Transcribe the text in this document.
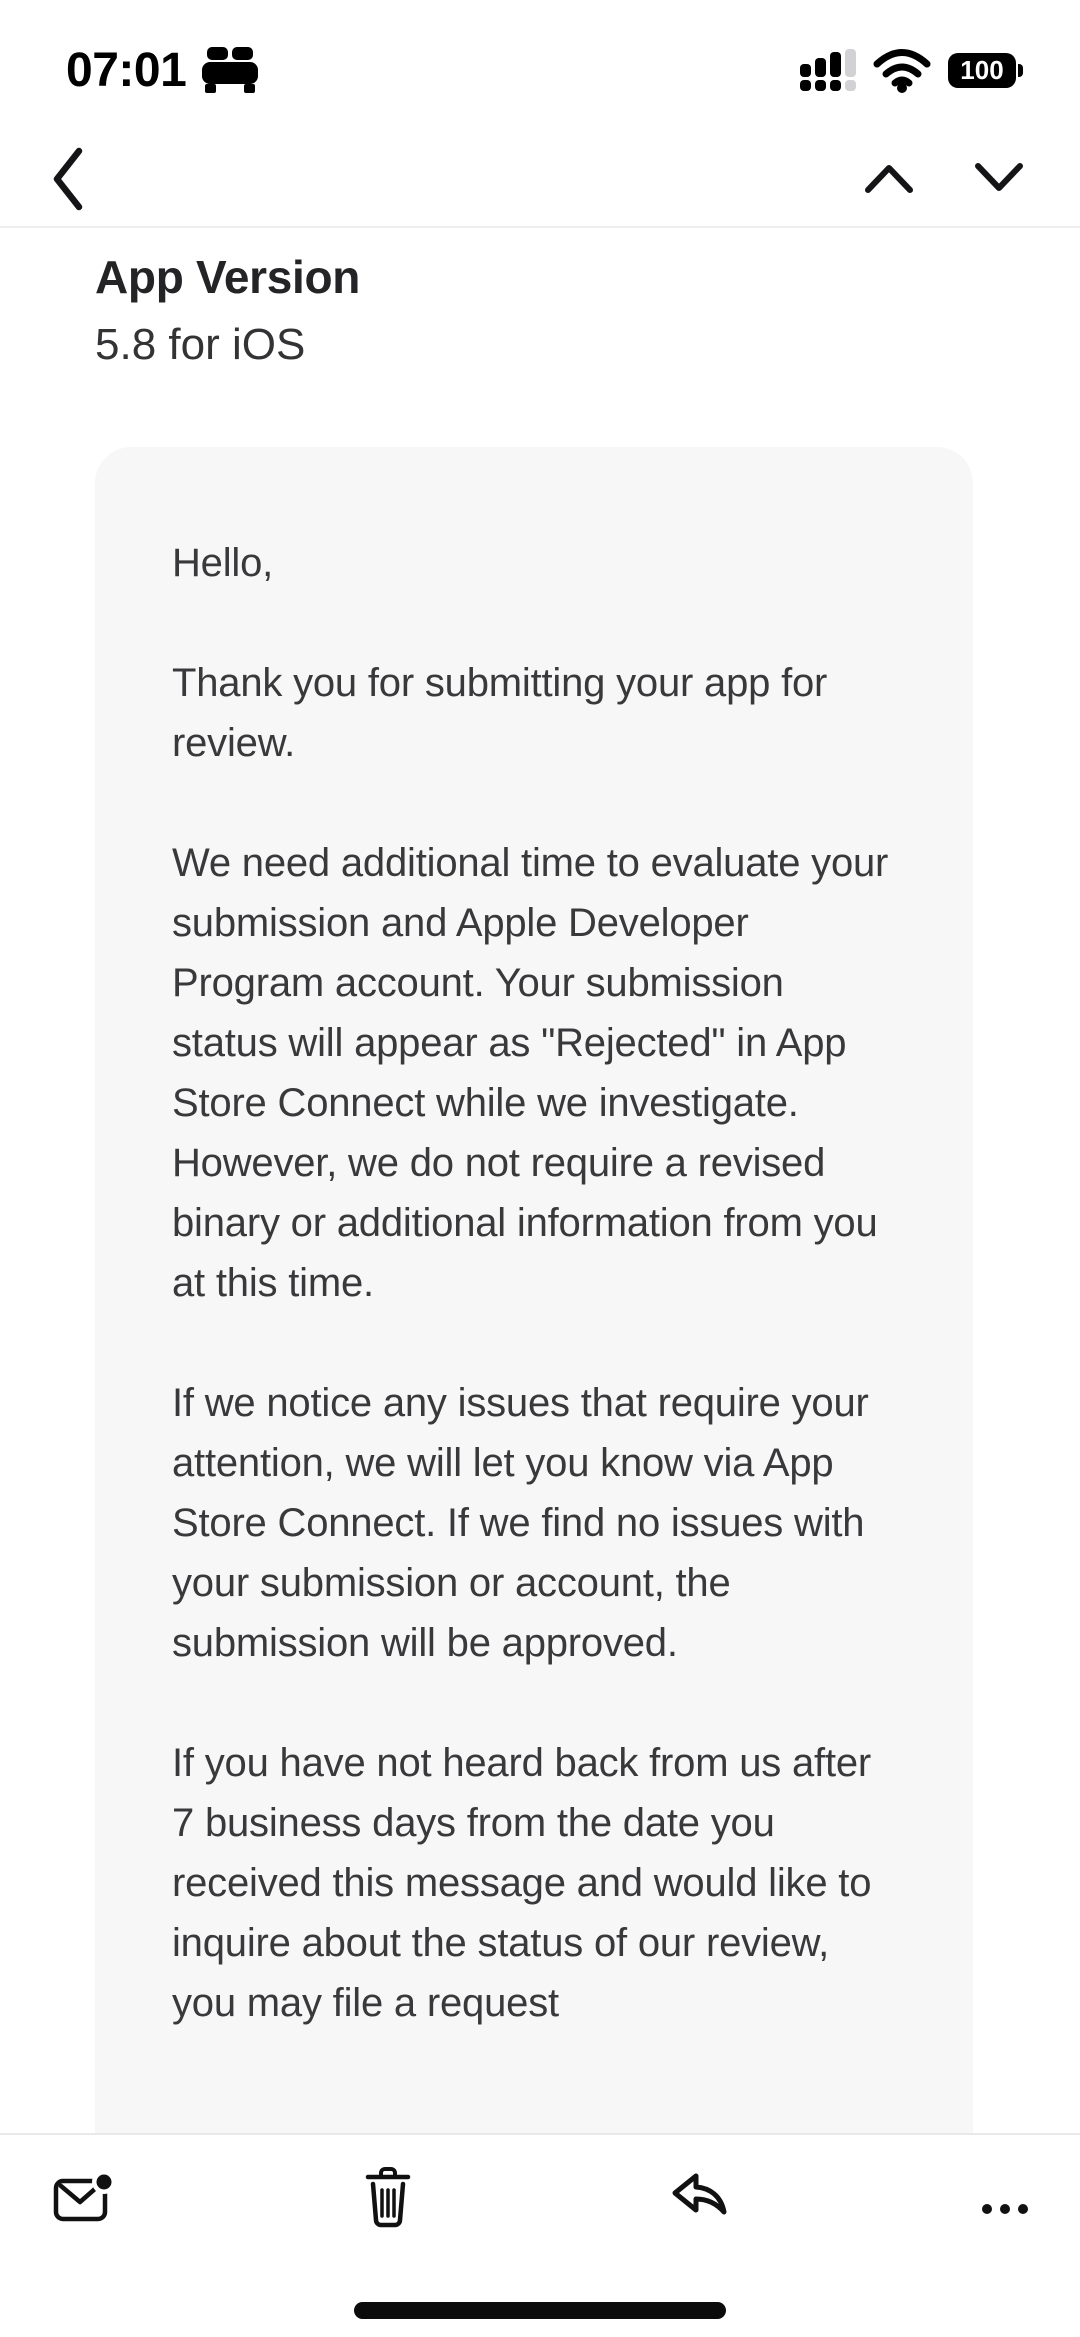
07:01	100
App Version
5.8 for iOS

Hello,

Thank you for submitting your app for review.

We need additional time to evaluate your submission and Apple Developer Program account. Your submission status will appear as "Rejected" in App Store Connect while we investigate. However, we do not require a revised binary or additional information from you at this time.

If we notice any issues that require your attention, we will let you know via App Store Connect. If we find no issues with your submission or account, the submission will be approved.

If you have not heard back from us after 7 business days from the date you received this message and would like to inquire about the status of our review, you may file a request
